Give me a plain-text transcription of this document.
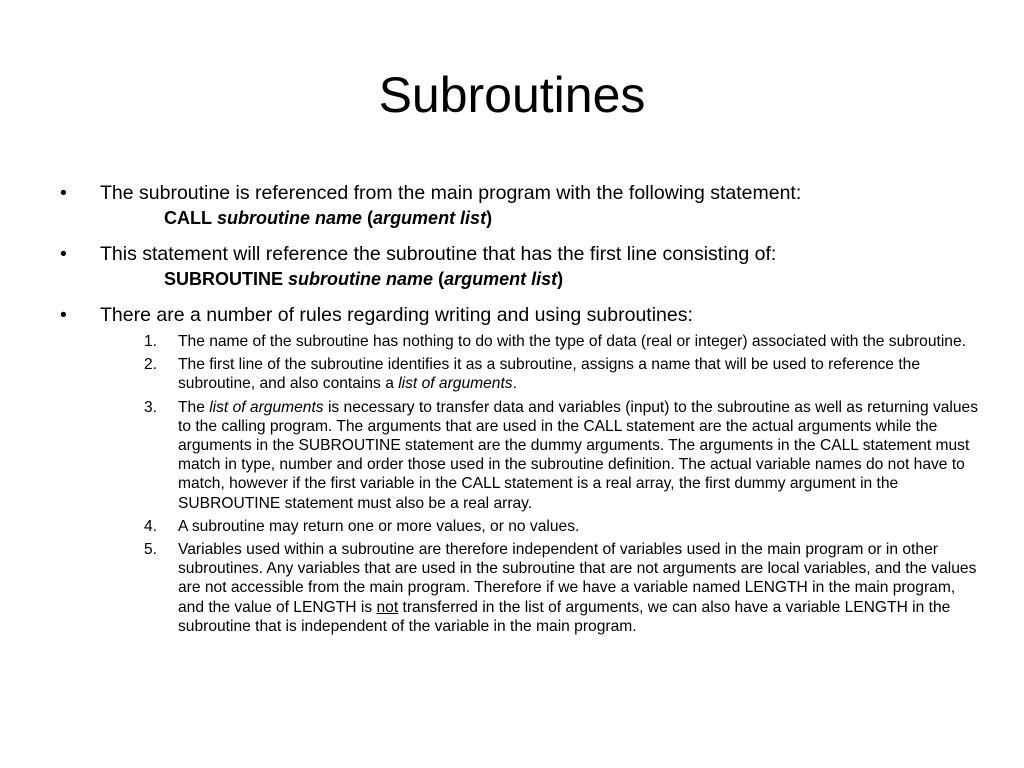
Subroutines
• The subroutine is referenced from the main program with the following statement:
CALL subroutine name (argument list)
• This statement will reference the subroutine that has the first line consisting of:
SUBROUTINE subroutine name (argument list)
• There are a number of rules regarding writing and using subroutines:
1. The name of the subroutine has nothing to do with the type of data (real or integer) associated with the subroutine.
2. The first line of the subroutine identifies it as a subroutine, assigns a name that will be used to reference the subroutine, and also contains a list of arguments.
3. The list of arguments is necessary to transfer data and variables (input) to the subroutine as well as returning values to the calling program. The arguments that are used in the CALL statement are the actual arguments while the arguments in the SUBROUTINE statement are the dummy arguments. The arguments in the CALL statement must match in type, number and order those used in the subroutine definition. The actual variable names do not have to match, however if the first variable in the CALL statement is a real array, the first dummy argument in the SUBROUTINE statement must also be a real array.
4. A subroutine may return one or more values, or no values.
5. Variables used within a subroutine are therefore independent of variables used in the main program or in other subroutines. Any variables that are used in the subroutine that are not arguments are local variables, and the values are not accessible from the main program. Therefore if we have a variable named LENGTH in the main program, and the value of LENGTH is not transferred in the list of arguments, we can also have a variable LENGTH in the subroutine that is independent of the variable in the main program.
